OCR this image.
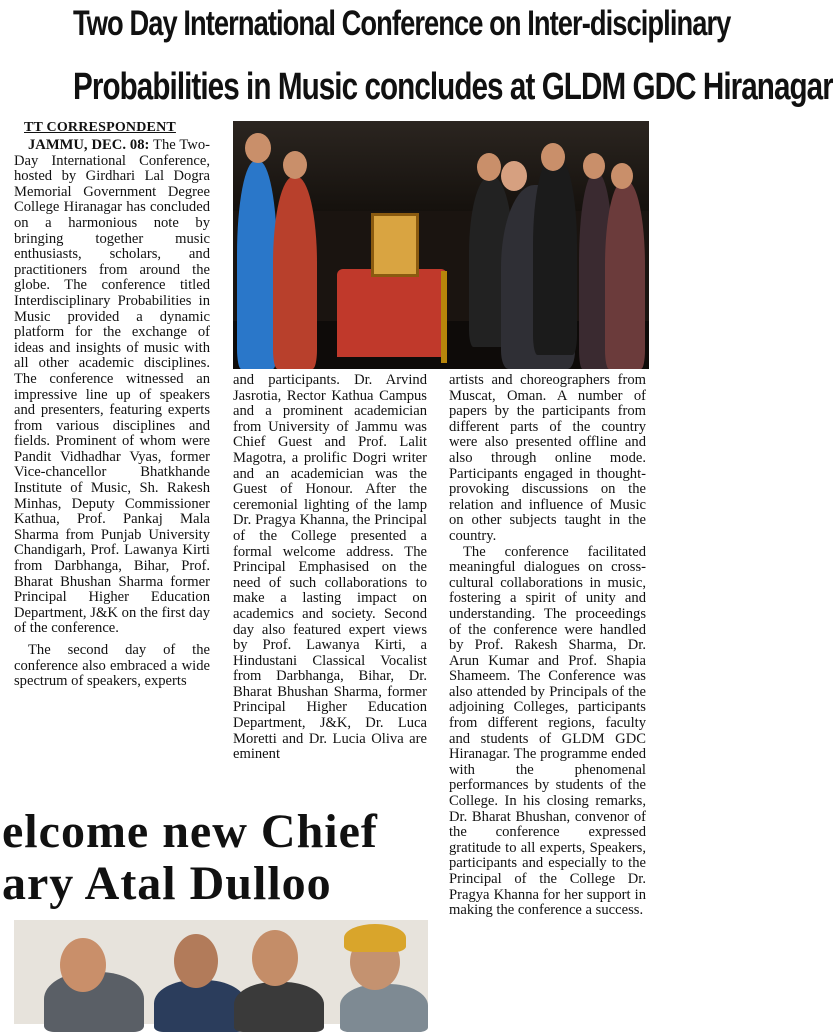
Two Day International Conference on Inter-disciplinary
Probabilities in Music concludes at GLDM GDC Hiranagar
TT CORRESPONDENT

JAMMU, DEC. 08: The Two-Day International Conference, hosted by Girdhari Lal Dogra Memorial Government Degree College Hiranagar has concluded on a harmonious note by bringing together music enthusiasts, scholars, and practitioners from around the globe. The conference titled Interdisciplinary Probabilities in Music provided a dynamic platform for the exchange of ideas and insights of music with all other academic disciplines. The conference witnessed an impressive line up of speakers and presenters, featuring experts from various disciplines and fields. Prominent of whom were Pandit Vidhadhar Vyas, former Vice-chancellor Bhatkhande Institute of Music, Sh. Rakesh Minhas, Deputy Commissioner Kathua, Prof. Pankaj Mala Sharma from Punjab University Chandigarh, Prof. Lawanya Kirti from Darbhanga, Bihar, Prof. Bharat Bhushan Sharma former Principal Higher Education Department, J&K on the first day of the conference.

The second day of the conference also embraced a wide spectrum of speakers, experts

and participants. Dr. Arvind Jasrotia, Rector Kathua Campus and a prominent academician from University of Jammu was Chief Guest and Prof. Lalit Magotra, a prolific Dogri writer and an academician was the Guest of Honour. After the ceremonial lighting of the lamp Dr. Pragya Khanna, the Principal of the College presented a formal welcome address. The Principal Emphasised on the need of such collaborations to make a lasting impact on academics and society. Second day also featured expert views by Prof. Lawanya Kirti, a Hindustani Classical Vocalist from Darbhanga, Bihar, Dr. Bharat Bhushan Sharma, former Principal Higher Education Department, J&K, Dr. Luca Moretti and Dr. Lucia Oliva are eminent

artists and choreographers from Muscat, Oman. A number of papers by the participants from different parts of the country were also presented offline and also through online mode. Participants engaged in thought-provoking discussions on the relation and influence of Music on other subjects taught in the country.

The conference facilitated meaningful dialogues on cross-cultural collaborations in music, fostering a spirit of unity and understanding. The proceedings of the conference were handled by Prof. Rakesh Sharma, Dr. Arun Kumar and Prof. Shapia Shameem. The Conference was also attended by Principals of the adjoining Colleges, participants from different regions, faculty and students of GLDM GDC Hiranagar. The programme ended with the phenomenal performances by students of the College. In his closing remarks, Dr. Bharat Bhushan, convenor of the conference expressed gratitude to all experts, Speakers, participants and especially to the Principal of the College Dr. Pragya Khanna for her support in making the conference a success.

elcome new Chief
ary Atal Dulloo
